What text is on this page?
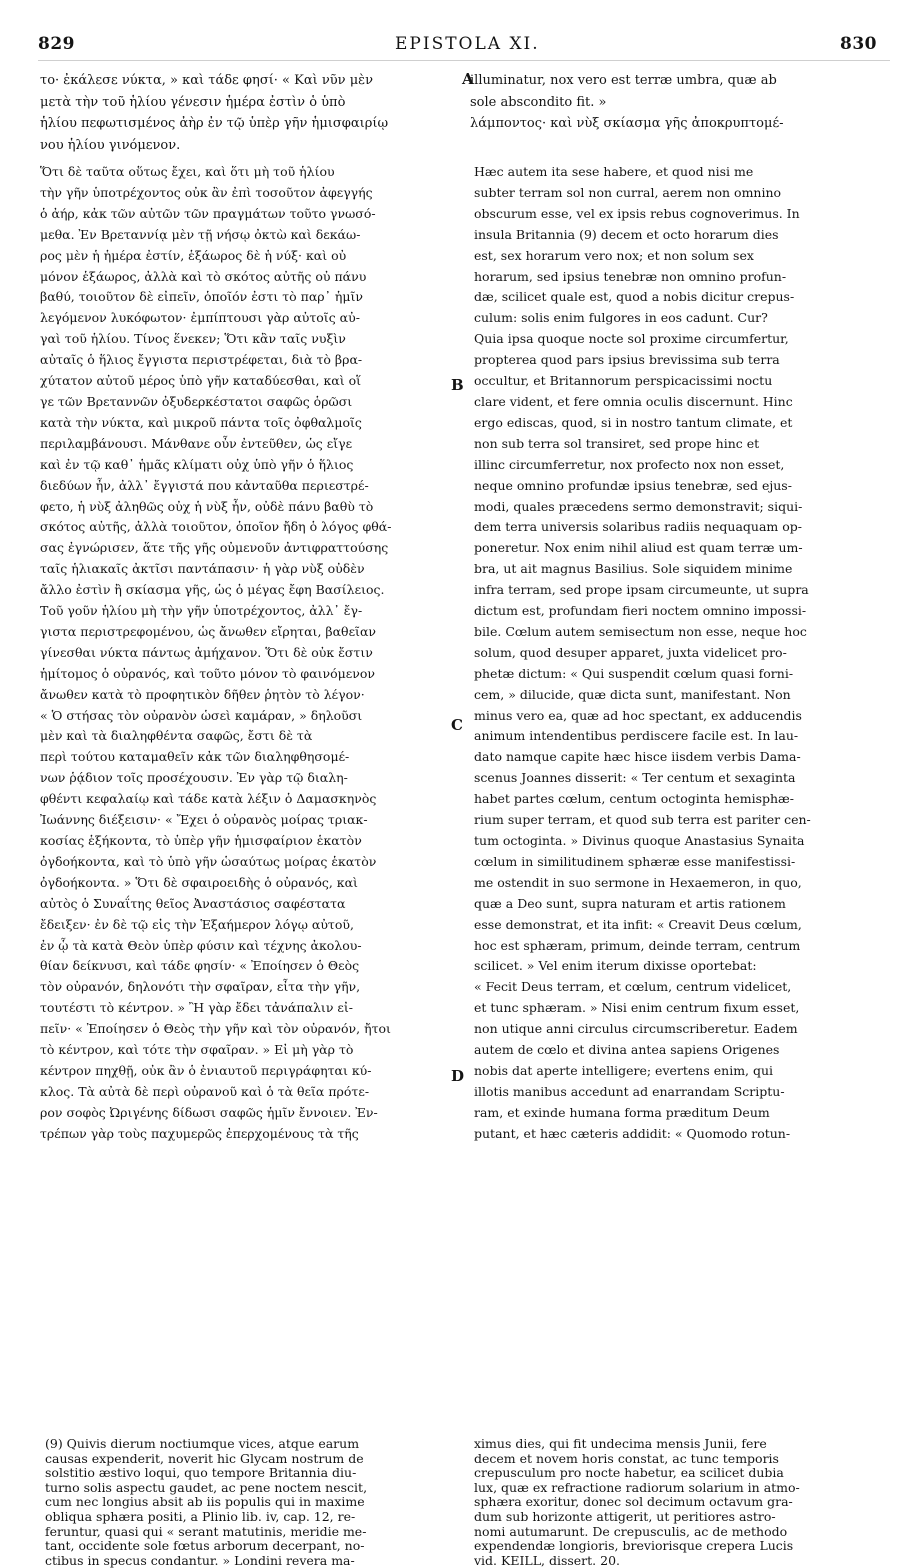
829	EPISTOLA XI.	830
A
B
C
D
το· ἐκάλεσε νύκτα, » καὶ τάδε φησί· « Καὶ νῦν μὲν
μετὰ τὴν τοῦ ἡλίου γένεσιν ἡμέρα ἐστὶν ὁ ὑπὸ
ἡλίου πεφωτισμένος ἀὴρ ἐν τῷ ὑπὲρ γῆν ἡμισφαιρίῳ
νου ἡλίου γινόμενον.
illuminatur, nox vero est terræ umbra, quæ ab
sole absconditο fit. »
λάμποντος· καὶ νὺξ σκίασμα γῆς ἀποκρυπτομέ-
Ὅτι δὲ ταῦτα οὕτως ἔχει, καὶ ὅτι μὴ τοῦ ἡλίου
τὴν γῆν ὑποτρέχοντος οὐκ ἂν ἐπὶ τοσοῦτον ἀφεγγής
ὁ ἀήρ, κἀκ τῶν αὐτῶν τῶν πραγμάτων τοῦτο γνωσό-
μεθα. Ἐν Βρεταννίᾳ μὲν τῇ νήσῳ ὀκτὼ καὶ δεκάω-
ρος μὲν ἡ ἡμέρα ἐστίν, ἑξάωρος δὲ ἡ νύξ· καὶ οὐ
μόνον ἑξάωρος, ἀλλὰ καὶ τὸ σκότος αὐτῆς οὐ πάνυ
βαθύ, τοιοῦτον δὲ εἰπεῖν, ὁποῖόν ἐστι τὸ παρ᾽ ἡμῖν
λεγόμενον λυκόφωτον· ἐμπίπτουσι γὰρ αὐτοῖς αὐ-
γαὶ τοῦ ἡλίου. Τίνος ἕνεκεν; Ὅτι κἂν ταῖς νυξὶν
αὐταῖς ὁ ἥλιος ἔγγιστα περιστρέφεται, διὰ τὸ βρα-
χύτατον αὐτοῦ μέρος ὑπὸ γῆν καταδύεσθαι, καὶ οἵ
γε τῶν Βρεταννῶν ὀξυδερκέστατοι σαφῶς ὁρῶσι
κατὰ τὴν νύκτα, καὶ μικροῦ πάντα τοῖς ὀφθαλμοῖς
περιλαμβάνουσι. Μάνθανε οὖν ἐντεῦθεν, ὡς εἴγε
καὶ ἐν τῷ καθ᾽ ἡμᾶς κλίματι οὐχ ὑπὸ γῆν ὁ ἥλιος
διεδύων ἦν, ἀλλ᾽ ἔγγιστά που κἀνταῦθα περιεστρέ-
φετο, ἡ νὺξ ἀληθῶς οὐχ ἡ νὺξ ἦν, οὐδὲ πάνυ βαθὺ τὸ
σκότος αὐτῆς, ἀλλὰ τοιοῦτον, ὁποῖον ἤδη ὁ λόγος φθά-
σας ἐγνώρισεν, ἅτε τῆς γῆς οὐμενοῦν ἀντιφραττούσης
ταῖς ἡλιακαῖς ἀκτῖσι παντάπασιν· ἡ γὰρ νὺξ οὐδὲν
ἄλλο ἐστὶν ἢ σκίασμα γῆς, ὡς ὁ μέγας ἔφη Βασίλειος.
Τοῦ γοῦν ἡλίου μὴ τὴν γῆν ὑποτρέχοντος, ἀλλ᾽ ἔγ-
γιστα περιστρεφομένου, ὡς ἄνωθεν εἴρηται, βαθεῖαν
γίνεσθαι νύκτα πάντως ἀμήχανον. Ὅτι δὲ οὐκ ἔστιν
ἡμίτομος ὁ οὐρανός, καὶ τοῦτο μόνον τὸ φαινόμενον
ἄνωθεν κατὰ τὸ προφητικὸν δῆθεν ῥητὸν τὸ λέγον·
« Ὁ στήσας τὸν οὐρανὸν ὡσεὶ καμάραν, » δηλοῦσι
μὲν καὶ τὰ διαληφθέντα σαφῶς, ἔστι δὲ τὰ
περὶ τούτου καταμαθεῖν κἀκ τῶν διαληφθησομέ-
νων ῥᾴδιον τοῖς προσέχουσιν. Ἐν γὰρ τῷ διαλη-
φθέντι κεφαλαίῳ καὶ τάδε κατὰ λέξιν ὁ Δαμασκηνὸς
Ἰωάννης διέξεισιν· « Ἔχει ὁ οὐρανὸς μοίρας τριακ-
κοσίας ἑξήκοντα, τὸ ὑπὲρ γῆν ἡμισφαίριον ἑκατὸν
ὀγδοήκοντα, καὶ τὸ ὑπὸ γῆν ὡσαύτως μοίρας ἑκατὸν
ὀγδοήκοντα. » Ὅτι δὲ σφαιροειδὴς ὁ οὐρανός, καὶ
αὐτὸς ὁ Συναΐτης θεῖος Ἀναστάσιος σαφέστατα
ἔδειξεν· ἐν δὲ τῷ εἰς τὴν Ἑξαήμερον λόγῳ αὐτοῦ,
ἐν ᾧ τὰ κατὰ Θεὸν ὑπὲρ φύσιν καὶ τέχνης ἀκολου-
θίαν δείκνυσι, καὶ τάδε φησίν· « Ἐποίησεν ὁ Θεὸς
τὸν οὐρανόν, δηλονότι τὴν σφαῖραν, εἶτα τὴν γῆν,
τουτέστι τὸ κέντρον. » Ἢ γὰρ ἔδει τἀνάπαλιν εἰ-
πεῖν· « Ἐποίησεν ὁ Θεὸς τὴν γῆν καὶ τὸν οὐρανόν, ἤτοι
τὸ κέντρον, καὶ τότε τὴν σφαῖραν. » Εἰ μὴ γὰρ τὸ
κέντρον πηχθῇ, οὐκ ἂν ὁ ἐνιαυτοῦ περιγράφηται κύ-
κλος. Τὰ αὐτὰ δὲ περὶ οὐρανοῦ καὶ ὁ τὰ θεῖα πρότε-
ρον σοφὸς Ὠριγένης δίδωσι σαφῶς ἡμῖν ἔννοιεν. Ἐν-
τρέπων γὰρ τοὺς παχυμερῶς ἐπερχομένους τὰ τῆς
Hæc autem ita sese habere, et quod nisi me
subter terram sol non curral, aerem non omnino
obscurum esse, vel ex ipsis rebus cognoverimus. In
insula Britannia (9) decem et octo horarum dies
est, sex horarum vero nox; et non solum sex
horarum, sed ipsius tenebræ non omnino profun-
dæ, scilicet quale est, quod a nobis dicitur crepus-
culum: solis enim fulgores in eos cadunt. Cur?
Quia ipsa quoque nocte sol proxime circumfertur,
propterea quod pars ipsius brevissima sub terra
occultur, et Britannorum perspicacissimi noctu
clare vident, et fere omnia oculis discernunt. Hinc
ergo ediscas, quod, si in nostro tantum climate, et
non sub terra sol transiret, sed prope hinc et
illinc circumferretur, nox profecto nox non esset,
neque omnino profundæ ipsius tenebræ, sed ejus-
modi, quales præcedens sermo demonstravit; siqui-
dem terra universis solaribus radiis nequaquam op-
poneretur. Nox enim nihil aliud est quam terræ um-
bra, ut ait magnus Basilius. Sole siquidem minime
infra terram, sed prope ipsam circumeunte, ut supra
dictum est, profundam fieri noctem omnino impossi-
bile. Cœlum autem semisectum non esse, neque hoc
solum, quod desuper apparet, juxta videlicet pro-
phetæ dictum: « Qui suspendit cœlum quasi forni-
cem, » dilucide, quæ dicta sunt, manifestant. Non
minus vero ea, quæ ad hoc spectant, ex adducendis
animum intendentibus perdiscere facile est. In lau-
dato namque capite hæc hisce iisdem verbis Dama-
scenus Joannes disserit: « Ter centum et sexaginta
habet partes cœlum, centum octoginta hemisphæ-
rium super terram, et quod sub terra est pariter cen-
tum octoginta. » Divinus quoque Anastasius Synaita
cœlum in similitudinem sphæræ esse manifestissi-
me ostendit in suo sermone in Hexaemeron, in quo,
quæ a Deo sunt, supra naturam et artis rationem
esse demonstrat, et ita infit: « Creavit Deus cœlum,
hoc est sphæram, primum, deinde terram, centrum
scilicet. » Vel enim iterum dixisse oportebat:
« Fecit Deus terram, et cœlum, centrum videlicet,
et tunc sphæram. » Nisi enim centrum fixum esset,
non utique anni circulus circumscriberetur. Eadem
autem de cœlo et divina antea sapiens Origenes
nobis dat aperte intelligere; evertens enim, qui
illotis manibus accedunt ad enarrandam Scriptu-
ram, et exinde humana forma præditum Deum
putant, et hæc cæteris addidit: « Quomodo rotun-
(9) Quivis dierum noctiumque vices, atque earum
causas expenderit, noverit hic Glycam nostrum de
solstitio æstivo loqui, quo tempore Britannia diu-
turno solis aspectu gaudet, ac pene noctem nescit,
cum nec longius absit ab iis populis qui in maxime
obliqua sphæra positi, a Plinio lib. iv, cap. 12, re-
feruntur, quasi qui « serant matutinis, meridie me-
tant, occidente sole fœtus arborum decerpant, no-
ctibus in specus condantur. » Londini revera ma-
ximus dies, qui fit undecima mensis Junii, fere
decem et novem horis constat, ac tunc temporis
crepusculum pro nocte habetur, ea scilicet dubia
lux, quæ ex refractione radiorum solarium in atmo-
sphæra exoritur, donec sol decimum octavum gra-
dum sub horizonte attigerit, ut peritiores astro-
nomi autumarunt. De crepusculis, ac de methodo
expendendæ longioris, breviorisque crepera Lucis
vid. KEILL, dissert. 20.
